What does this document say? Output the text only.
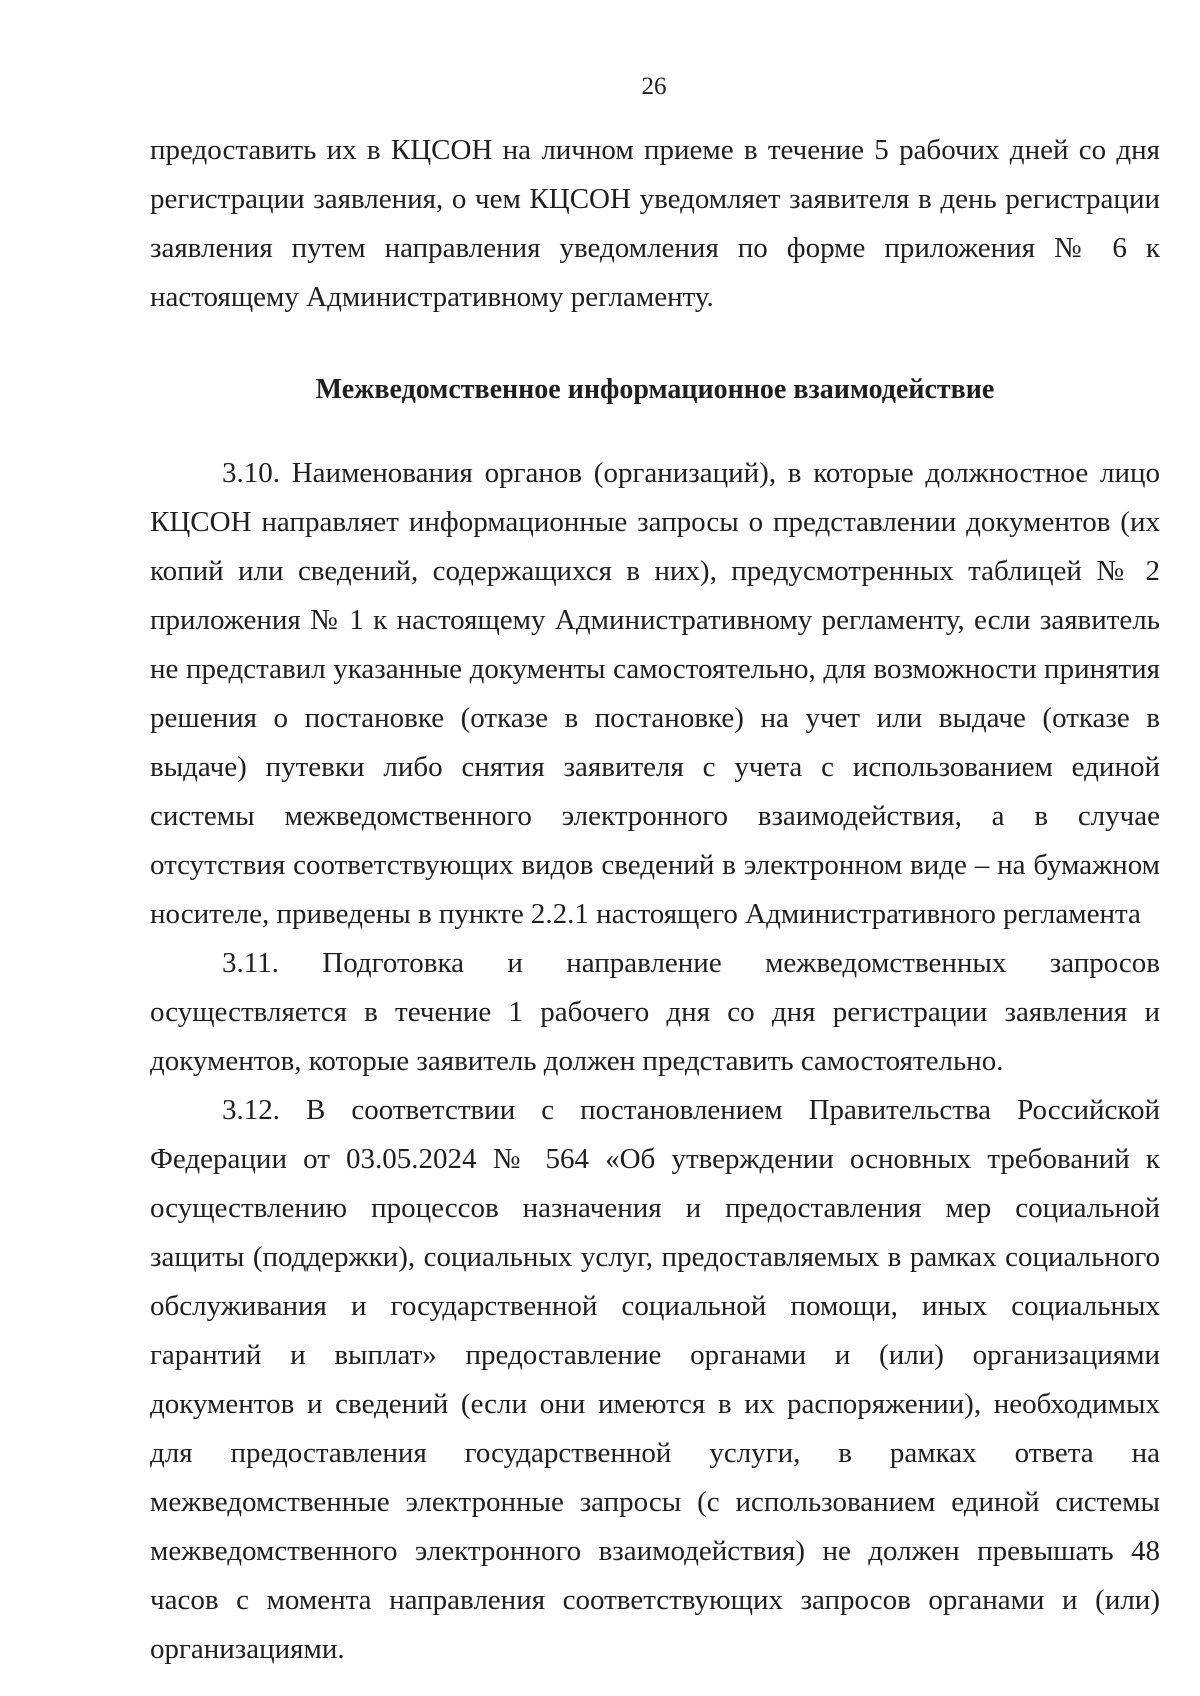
26

предоставить их в КЦСОН на личном приеме в течение 5 рабочих дней со дня регистрации заявления, о чем КЦСОН уведомляет заявителя в день регистрации заявления путем направления уведомления по форме приложения № 6 к настоящему Административному регламенту.

Межведомственное информационное взаимодействие

3.10. Наименования органов (организаций), в которые должностное лицо КЦСОН направляет информационные запросы о представлении документов (их копий или сведений, содержащихся в них), предусмотренных таблицей № 2 приложения № 1 к настоящему Административному регламенту, если заявитель не представил указанные документы самостоятельно, для возможности принятия решения о постановке (отказе в постановке) на учет или выдаче (отказе в выдаче) путевки либо снятия заявителя с учета с использованием единой системы межведомственного электронного взаимодействия, а в случае отсутствия соответствующих видов сведений в электронном виде – на бумажном носителе, приведены в пункте 2.2.1 настоящего Административного регламента

3.11. Подготовка и направление межведомственных запросов осуществляется в течение 1 рабочего дня со дня регистрации заявления и документов, которые заявитель должен представить самостоятельно.

3.12. В соответствии с постановлением Правительства Российской Федерации от 03.05.2024 № 564 «Об утверждении основных требований к осуществлению процессов назначения и предоставления мер социальной защиты (поддержки), социальных услуг, предоставляемых в рамках социального обслуживания и государственной социальной помощи, иных социальных гарантий и выплат» предоставление органами и (или) организациями документов и сведений (если они имеются в их распоряжении), необходимых для предоставления государственной услуги, в рамках ответа на межведомственные электронные запросы (с использованием единой системы межведомственного электронного взаимодействия) не должен превышать 48 часов с момента направления соответствующих запросов органами и (или) организациями.
